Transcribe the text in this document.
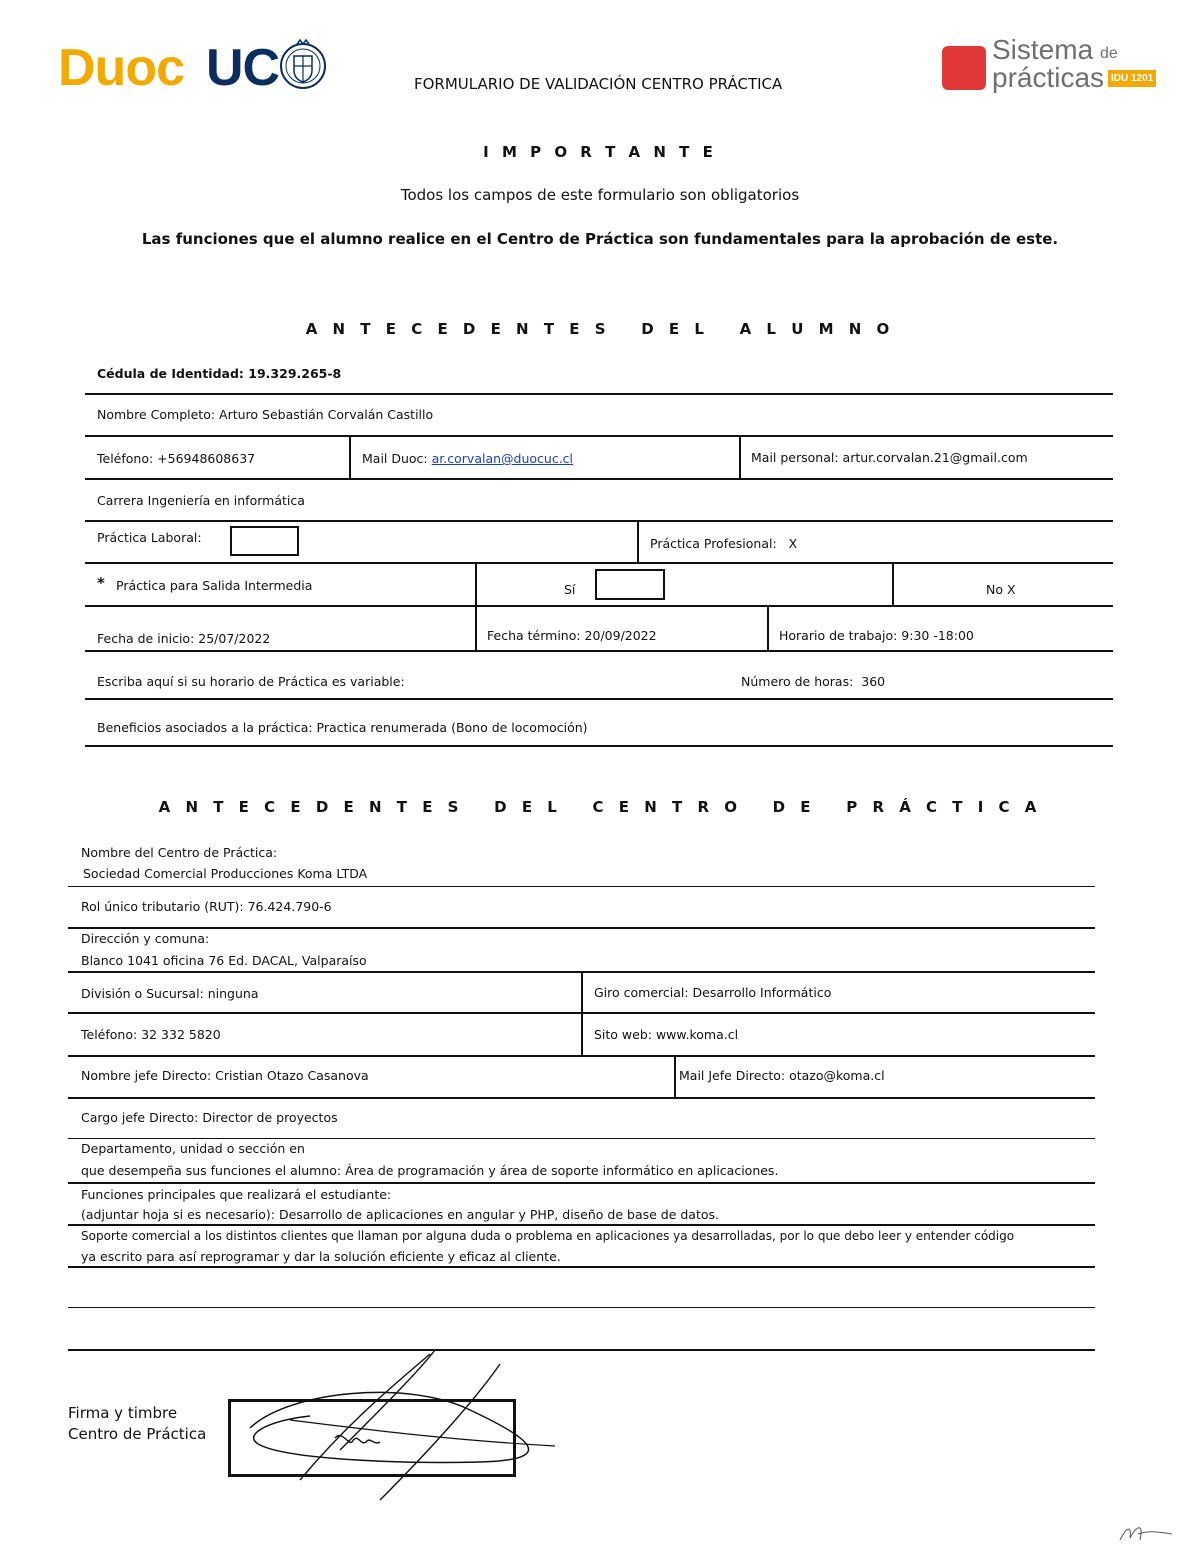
Duoc UC	FORMULARIO DE VALIDACIÓN CENTRO PRÁCTICA
Sistema de
prácticas IDU 1201
I M P O R T A N T E
Todos los campos de este formulario son obligatorios
Las funciones que el alumno realice en el Centro de Práctica son fundamentales para la aprobación de este.
A N T E C E D E N T E S   D E L   A L U M N O
Cédula de Identidad: 19.329.265-8
Nombre Completo: Arturo Sebastián Corvalán Castillo
Teléfono: +56948608637	Mail Duoc: ar.corvalan@duocuc.cl	Mail personal: artur.corvalan.21@gmail.com
Carrera Ingeniería en informática
Práctica Laboral:	Práctica Profesional:   X
* Práctica para Salida Intermedia	Sí	No X
Fecha de inicio: 25/07/2022	Fecha término: 20/09/2022	Horario de trabajo: 9:30 -18:00
Escriba aquí si su horario de Práctica es variable:	Número de horas:  360
Beneficios asociados a la práctica: Practica renumerada (Bono de locomoción)
A N T E C E D E N T E S   D E L   C E N T R O   D E   P R Á C T I C A
Nombre del Centro de Práctica:
Sociedad Comercial Producciones Koma LTDA
Rol único tributario (RUT): 76.424.790-6
Dirección y comuna:
Blanco 1041 oficina 76 Ed. DACAL, Valparaíso
División o Sucursal: ninguna	Giro comercial: Desarrollo Informático
Teléfono: 32 332 5820	Sito web: www.koma.cl
Nombre jefe Directo: Cristian Otazo Casanova	Mail Jefe Directo: otazo@koma.cl
Cargo jefe Directo: Director de proyectos
Departamento, unidad o sección en
que desempeña sus funciones el alumno: Área de programación y área de soporte informático en aplicaciones.
Funciones principales que realizará el estudiante:
(adjuntar hoja si es necesario): Desarrollo de aplicaciones en angular y PHP, diseño de base de datos.
Soporte comercial a los distintos clientes que llaman por alguna duda o problema en aplicaciones ya desarrolladas, por lo que debo leer y entender código
ya escrito para así reprogramar y dar la solución eficiente y eficaz al cliente.
Firma y timbre
Centro de Práctica
